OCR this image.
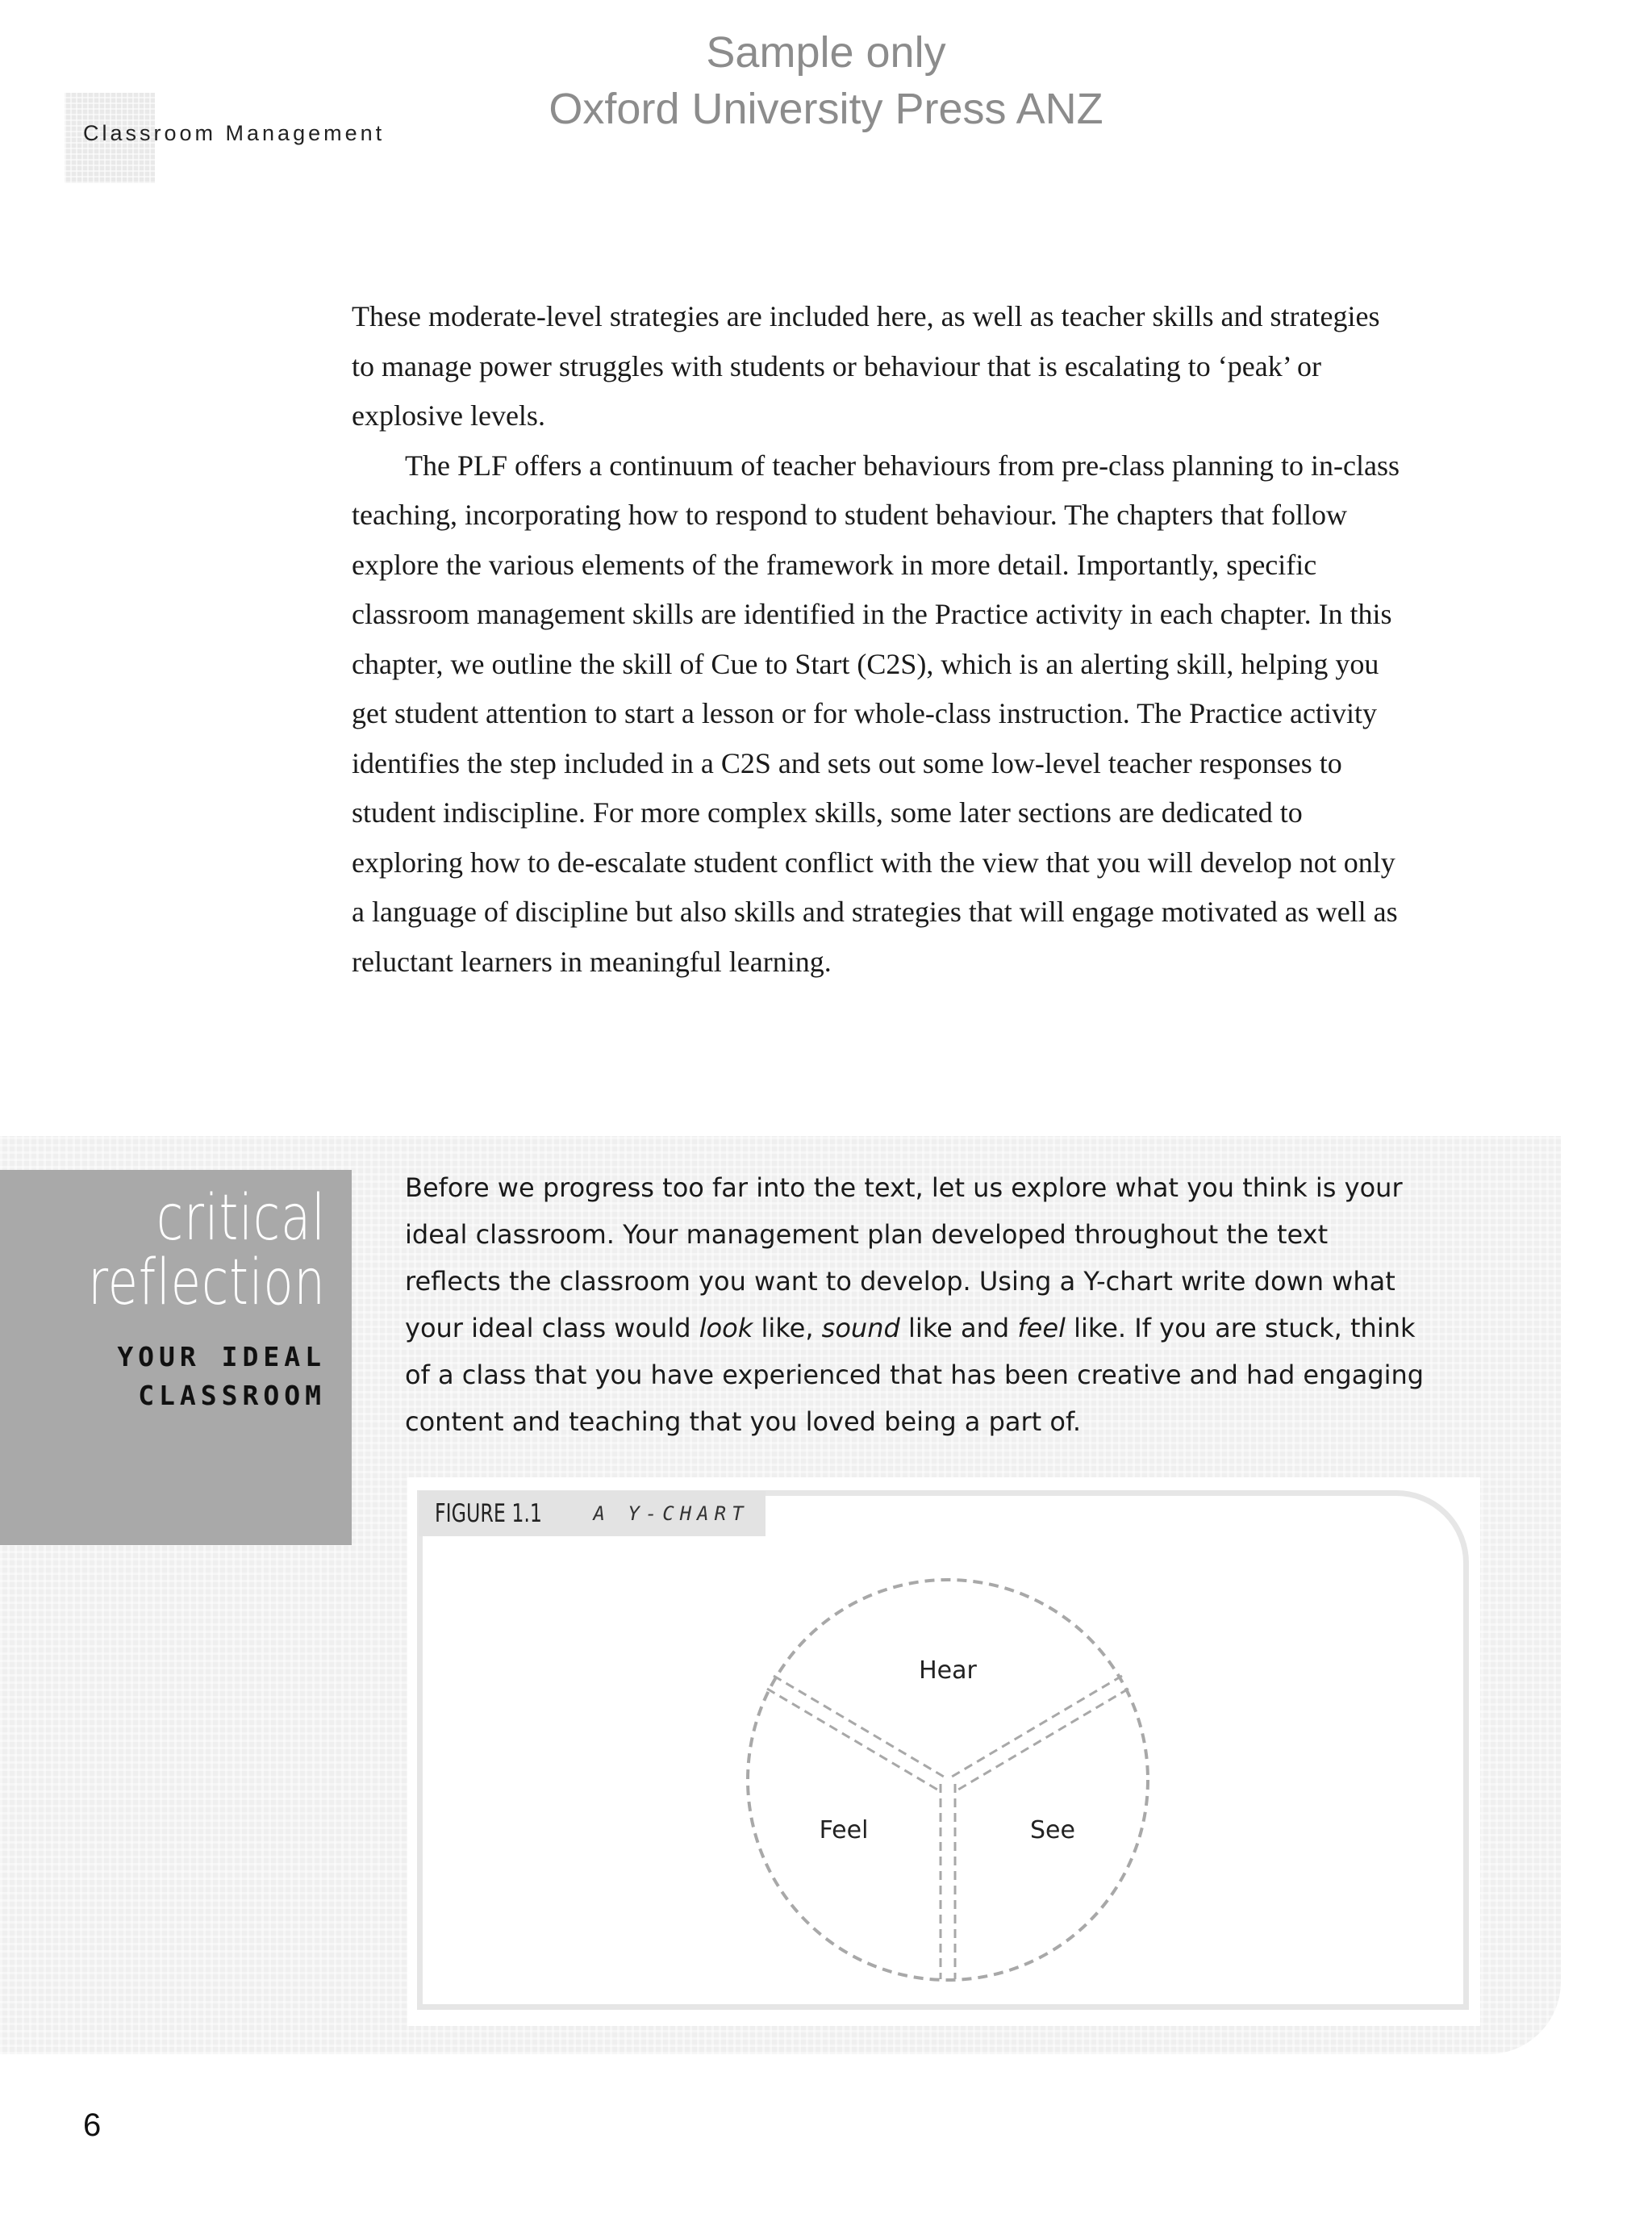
Sample only
Oxford University Press ANZ
Classroom Management

These moderate-level strategies are included here, as well as teacher skills and strategies to manage power struggles with students or behaviour that is escalating to ‘peak’ or explosive levels.

The PLF offers a continuum of teacher behaviours from pre-class planning to in-class teaching, incorporating how to respond to student behaviour. The chapters that follow explore the various elements of the framework in more detail. Importantly, specific classroom management skills are identified in the Practice activity in each chapter. In this chapter, we outline the skill of Cue to Start (C2S), which is an alerting skill, helping you get student attention to start a lesson or for whole-class instruction. The Practice activity identifies the step included in a C2S and sets out some low-level teacher responses to student indiscipline. For more complex skills, some later sections are dedicated to exploring how to de-escalate student conflict with the view that you will develop not only a language of discipline but also skills and strategies that will engage motivated as well as reluctant learners in meaningful learning.

critical
reflection
YOUR IDEAL
CLASSROOM

Before we progress too far into the text, let us explore what you think is your ideal classroom. Your management plan developed throughout the text reflects the classroom you want to develop. Using a Y-chart write down what your ideal class would look like, sound like and feel like. If you are stuck, think of a class that you have experienced that has been creative and had engaging content and teaching that you loved being a part of.

FIGURE 1.1	A Y-CHART
Hear
Feel	See
6
